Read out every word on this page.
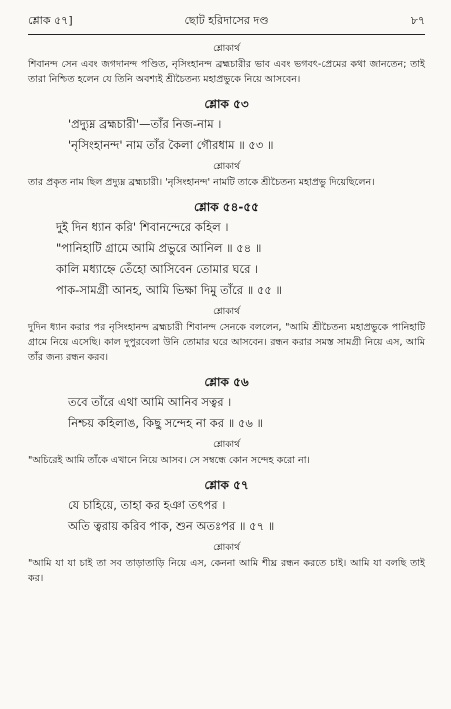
শ্লোক ৫৭]	ছোট হরিদাসের দণ্ড	৮৭
শ্লোকার্থ
শিবানন্দ সেন এবং জগদানন্দ পণ্ডিত, নৃসিংহানন্দ ব্রহ্মচারীর ভাব এবং ভগবৎ-প্রেমের কথা জানতেন; তাই তারা নিশ্চিত হলেন যে তিনি অবশ্যই শ্রীচৈতন্য মহাপ্রভুকে নিয়ে আসবেন।
শ্লোক ৫৩
'প্রদ্যুম্ন ব্রহ্মচারী'—তাঁর নিজ-নাম ।
'নৃসিংহানন্দ' নাম তাঁর কৈলা গৌরধাম ॥ ৫৩ ॥
শ্লোকার্থ
তার প্রকৃত নাম ছিল প্রদ্যুম্ন ব্রহ্মচারী। 'নৃসিংহানন্দ' নামটি তাকে শ্রীচৈতন্য মহাপ্রভু দিয়েছিলেন।
শ্লোক ৫৪-৫৫
দুই দিন ধ্যান করি' শিবানন্দেরে কহিল ।
"পানিহাটি গ্রামে আমি প্রভুরে আনিল ॥ ৫৪ ॥
কালি মধ্যাহ্নে তেঁহো আসিবেন তোমার ঘরে ।
পাক-সামগ্রী আনহ, আমি ভিক্ষা দিমু তাঁরে ॥ ৫৫ ॥
শ্লোকার্থ
দুদিন ধ্যান করার পর নৃসিংহানন্দ ব্রহ্মচারী শিবানন্দ সেনকে বললেন, "আমি শ্রীচৈতন্য মহাপ্রভুকে পানিহাটি গ্রামে নিয়ে এসেছি। কাল দুপুরবেলা উনি তোমার ঘরে আসবেন। রন্ধন করার সমস্ত সামগ্রী নিয়ে এস, আমি তাঁর জন্য রন্ধন করব।
শ্লোক ৫৬
তবে তাঁরে এথা আমি আনিব সত্বর ।
নিশ্চয় কহিলাঙ, কিছু সন্দেহ না কর ॥ ৫৬ ॥
শ্লোকার্থ
"অচিরেই আমি তাঁকে এখানে নিয়ে আসব। সে সম্বন্ধে কোন সন্দেহ করো না।
শ্লোক ৫৭
যে চাহিয়ে, তাহা কর হঞা তৎপর ।
অতি ত্বরায় করিব পাক, শুন অতঃপর ॥ ৫৭ ॥
শ্লোকার্থ
"আমি যা যা চাই তা সব তাড়াতাড়ি নিয়ে এস, কেননা আমি শীঘ্র রন্ধন করতে চাই। আমি যা বলছি তাই কর।
